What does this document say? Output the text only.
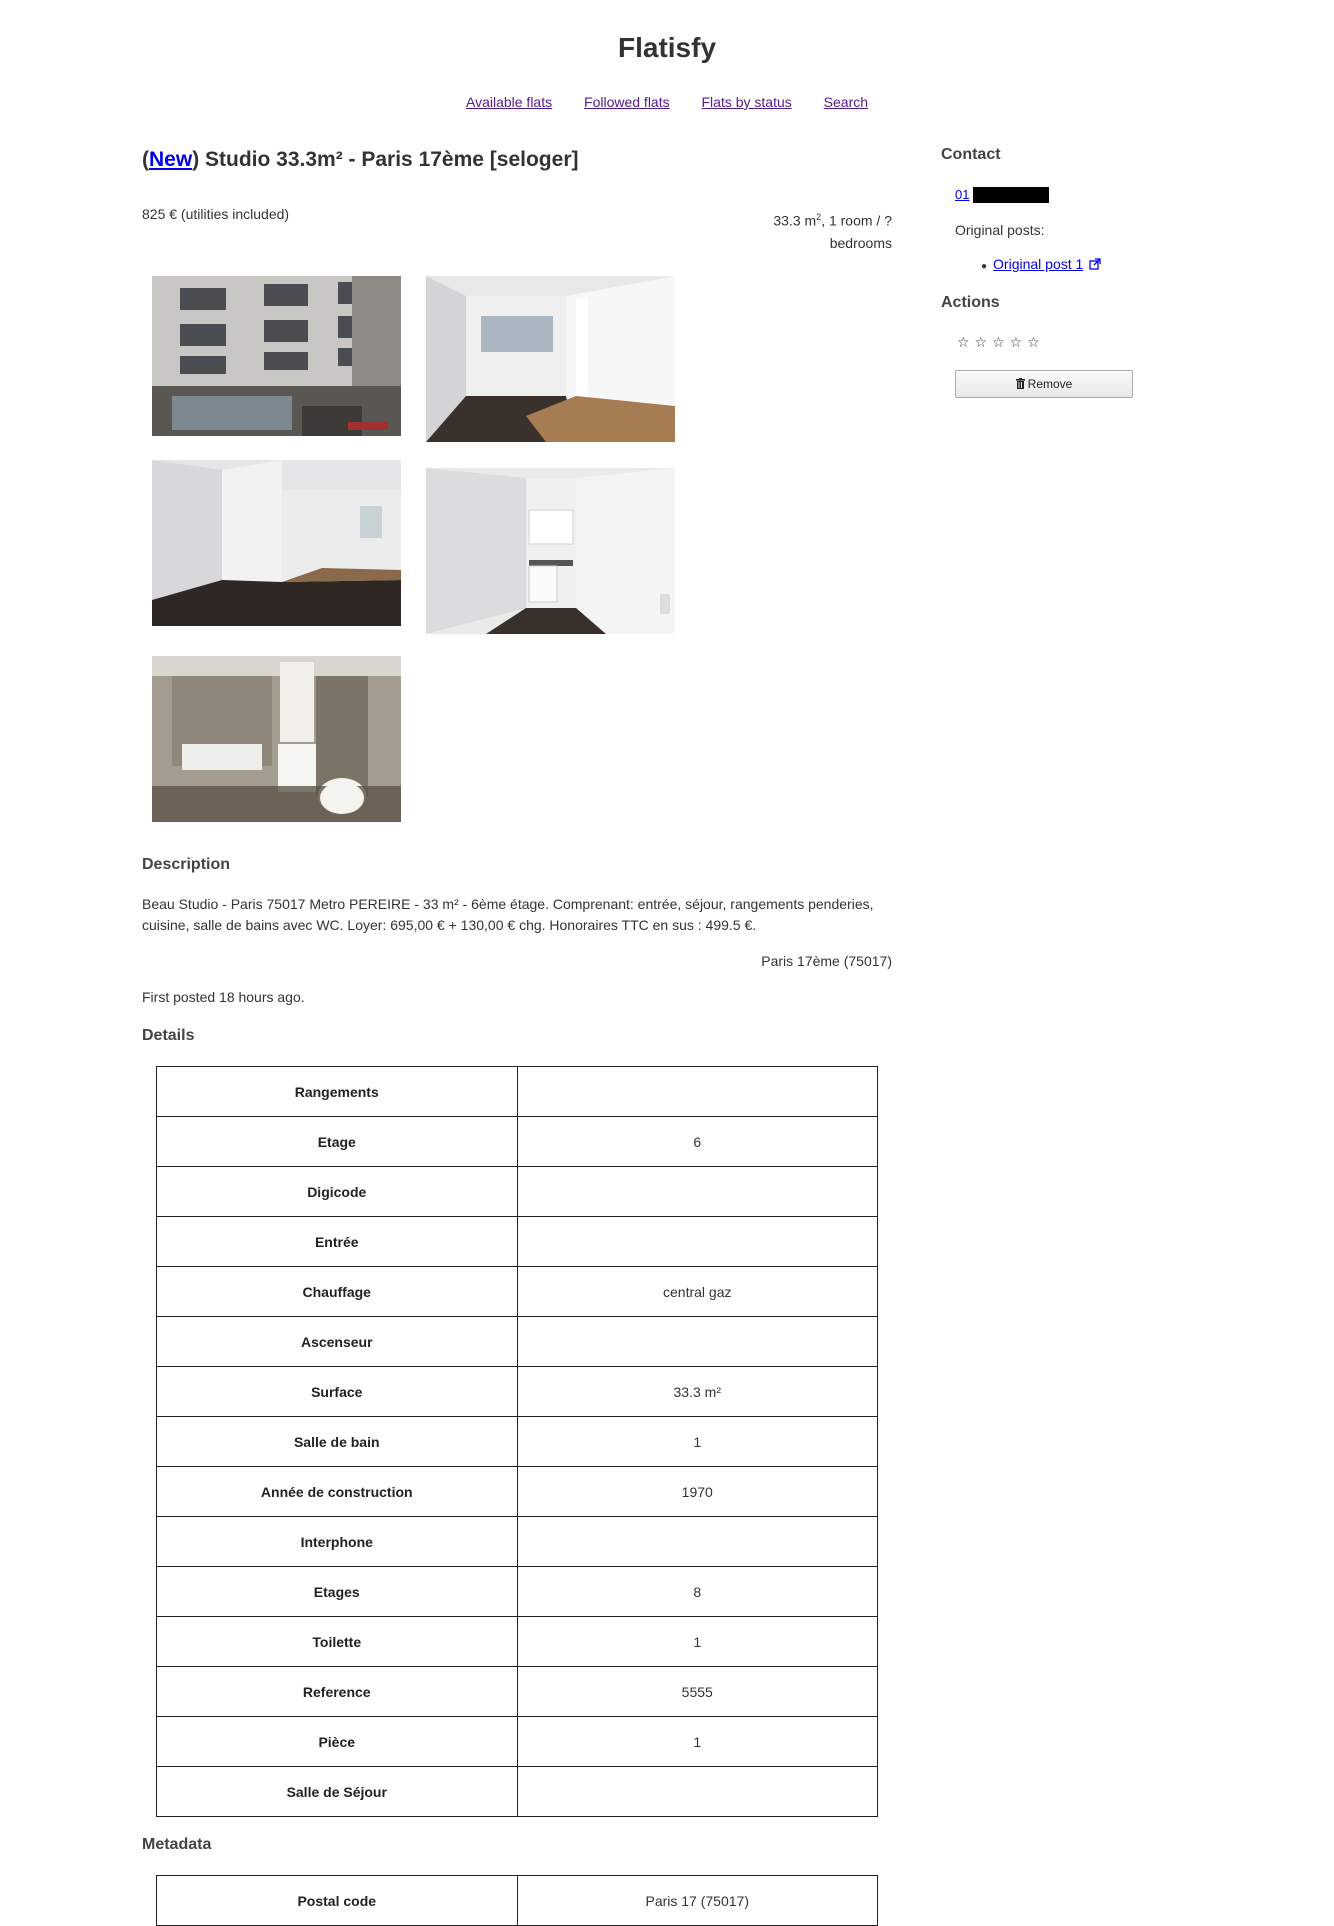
Flatisfy
Available flats Followed flats Flats by status Search
(New) Studio 33.3m² - Paris 17ème [seloger]
825 € (utilities included)	33.3 $m^2$, 1 room / ?
bedrooms
Description

Beau Studio - Paris 75017 Metro PEREIRE - 33 m² - 6ème étage. Comprenant: entrée, séjour, rangements penderies, cuisine, salle de bains avec WC. Loyer: 695,00 € + 130,00 € chg. Honoraires TTC en sus : 499.5 €.

Paris 17ème (75017)
First posted 18 hours ago.
Details
Rangements	
Etage	6
Digicode	
Entrée	
Chauffage	central gaz
Ascenseur	
Surface	33.3 m²
Salle de bain	1
Année de construction	1970
Interphone	
Etages	8
Toilette	1
Reference	5555
Pièce	1
Salle de Séjour	
Metadata
Postal code	Paris 17 (75017)
Contact
01
Original posts:
● Original post 1
Actions
☆☆☆☆☆
Remove
